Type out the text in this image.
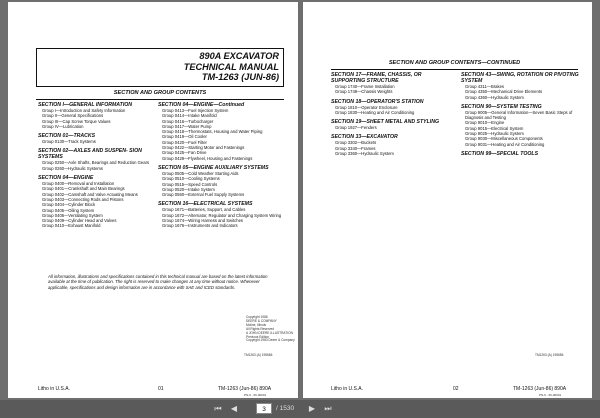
890A EXCAVATOR
TECHNICAL MANUAL
TM-1263 (JUN-86)
SECTION AND GROUP CONTENTS
SECTION I—GENERAL INFORMATION
Group I—Introduction and Safety Information
Group II—General Specifications
Group III—Cap Screw Torque Values
Group IV—Lubrication
SECTION 01—TRACKS
Group 0130—Track Systems
SECTION 02—AXLES AND SUSPEN- SION SYSTEMS
Group 0250—Axle Shafts, Bearings and Reduction Gears
Group 0260—Hydraulic Systems
SECTION 04—ENGINE
Group 0400—Removal and Installation
Group 0401—Crankshaft and Main Bearings
Group 0402—Camshaft and Valve Actuating Means
Group 0403—Connecting Rods and Pistons
Group 0404—Cylinder Block
Group 0405—Oiling System
Group 0406—Ventilating System
Group 0409—Cylinder Head and Valves
Group 0410—Exhaust Manifold
SECTION 04—ENGINE—Continued
Group 0413—Fuel Injection System
Group 0414—Intake Manifold
Group 0416—Turbocharger
Group 0417—Water Pump
Group 0418—Thermostats, Housing and Water Piping
Group 0419—Oil Cooler
Group 0420—Fuel Filter
Group 0422—Starting Motor and Fastenings
Group 0425—Fan Drive
Group 0429—Flywheel, Housing and Fastenings
SECTION 05—ENGINE AUXILIARY SYSTEMS
Group 0505—Cold Weather Starting Aids
Group 0510—Cooling Systems
Group 0515—Speed Controls
Group 0520—Intake System
Group 0560—External Fuel Supply Systems
SECTION 16—ELECTRICAL SYSTEMS
Group 1671—Batteries, Support, and Cables
Group 1672—Alternator, Regulator and Charging System Wiring
Group 1674—Wiring Harness and Switches
Group 1676—Instruments and Indicators
All information, illustrations and specifications contained in this technical manual are based on the latest information available at the time of publication. The right is reserved to make changes at any time without notice. Whenever applicable, specifications and design information are in accordance with SAE and ICED standards.
Copyright 1986
DEERE & COMPANY
Moline, Illinois
All Rights Reserved
A JOHN DEERE ILLUSTRATION
Previous Edition
Copyright 1983 Deere & Company
TM1263 (A) 195686
Litho in U.S.A.	01	TM-1263 (Jun-86) 890A
PN-9 - 66-00001
SECTION AND GROUP CONTENTS—CONTINUED
SECTION 17—FRAME, CHASSIS, OR SUPPORTING STRUCTURE
Group 1740—Frame Installation
Group 1749—Chassis Weights
SECTION 18—OPERATOR'S STATION
Group 1810—Operator Enclosure
Group 1830—Heating and Air Conditioning
SECTION 19—SHEET METAL AND STYLING
Group 1927—Fenders
SECTION 33—EXCAVATOR
Group 3302—Buckets
Group 3340—Frames
Group 3360—Hydraulic System
SECTION 43—SWING, ROTATION OR PIVOTING SYSTEM
Group 4311—Brakes
Group 4350—Mechanical Drive Elements
Group 4360—Hydraulic System
SECTION 90—SYSTEM TESTING
Group 9005—General Information—Seven Basic Steps of Diagnosis and Testing
Group 9010—Engine
Group 9015—Electrical System
Group 9025—Hydraulic System
Group 9030—Miscellaneous Components
Group 9031—Heating and Air Conditioning
SECTION 99—SPECIAL TOOLS
TM1263 (A) 195686
Litho in U.S.A.	02	TM-1263 (Jun-86) 890A
PN-9 - 66-00001
⏮	◀	3	/ 1530	▶	⏭
